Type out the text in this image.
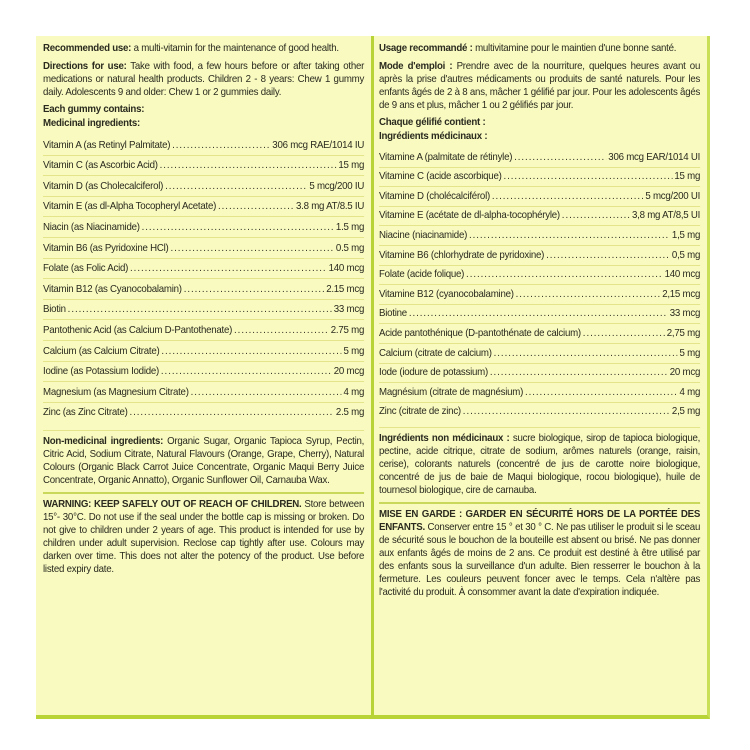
Recommended use: a multi-vitamin for the maintenance of good health.

Directions for use: Take with food, a few hours before or after taking other medications or natural health products. Children 2 - 8 years: Chew 1 gummy daily. Adolescents 9 and older: Chew 1 or 2 gummies daily.

Each gummy contains:
Medicinal ingredients:
Vitamin A (as Retinyl Palmitate) .....	306 mcg RAE/1014 IU
Vitamin C (as Ascorbic Acid) .....	15 mg
Vitamin D (as Cholecalciferol) .....	5 mcg/200 IU
Vitamin E (as dl-Alpha Tocopheryl Acetate) .....	3.8 mg AT/8.5 IU
Niacin (as Niacinamide) .....	1.5 mg
Vitamin B6 (as Pyridoxine HCl) .....	0.5 mg
Folate (as Folic Acid) .....	140 mcg
Vitamin B12 (as Cyanocobalamin) .....	2.15 mcg
Biotin .....	33 mcg
Pantothenic Acid (as Calcium D-Pantothenate) .....	2.75 mg
Calcium (as Calcium Citrate) .....	5 mg
Iodine (as Potassium Iodide) .....	20 mcg
Magnesium (as Magnesium Citrate) .....	4 mg
Zinc (as Zinc Citrate) .....	2.5 mg

Non-medicinal ingredients: Organic Sugar, Organic Tapioca Syrup, Pectin, Citric Acid, Sodium Citrate, Natural Flavours (Orange, Grape, Cherry), Natural Colours (Organic Black Carrot Juice Concentrate, Organic Maqui Berry Juice Concentrate, Organic Annatto), Organic Sunflower Oil, Carnauba Wax.

WARNING: KEEP SAFELY OUT OF REACH OF CHILDREN. Store between 15°- 30°C. Do not use if the seal under the bottle cap is missing or broken. Do not give to children under 2 years of age. This product is intended for use by children under adult supervision. Reclose cap tightly after use. Colours may darken over time. This does not alter the potency of the product. Use before listed expiry date.

Usage recommandé : multivitamine pour le maintien d'une bonne santé.

Mode d'emploi : Prendre avec de la nourriture, quelques heures avant ou après la prise d'autres médicaments ou produits de santé naturels. Pour les enfants âgés de 2 à 8 ans, mâcher 1 gélifié par jour. Pour les adolescents âgés de 9 ans et plus, mâcher 1 ou 2 gélifiés par jour.

Chaque gélifié contient :
Ingrédients médicinaux :
Vitamine A (palmitate de rétinyle) .....	306 mcg EAR/1014 UI
Vitamine C (acide ascorbique) .....	15 mg
Vitamine D (cholécalciférol) .....	5 mcg/200 UI
Vitamine E (acétate de dl-alpha-tocophéryle) .....	3,8 mg AT/8,5 UI
Niacine (niacinamide) .....	1,5 mg
Vitamine B6 (chlorhydrate de pyridoxine) .....	0,5 mg
Folate (acide folique) .....	140 mcg
Vitamine B12 (cyanocobalamine) .....	2,15 mcg
Biotine .....	33 mcg
Acide pantothénique (D-pantothénate de calcium) .....	2,75 mg
Calcium (citrate de calcium) .....	5 mg
Iode (iodure de potassium) .....	20 mcg
Magnésium (citrate de magnésium) .....	4 mg
Zinc (citrate de zinc) .....	2,5 mg

Ingrédients non médicinaux : sucre biologique, sirop de tapioca biologique, pectine, acide citrique, citrate de sodium, arômes naturels (orange, raisin, cerise), colorants naturels (concentré de jus de carotte noire biologique, concentré de jus de baie de Maqui biologique, rocou biologique), huile de tournesol biologique, cire de carnauba.

MISE EN GARDE : GARDER EN SÉCURITÉ HORS DE LA PORTÉE DES ENFANTS. Conserver entre 15 ° et 30 ° C. Ne pas utiliser le produit si le sceau de sécurité sous le bouchon de la bouteille est absent ou brisé. Ne pas donner aux enfants âgés de moins de 2 ans. Ce produit est destiné à être utilisé par des enfants sous la surveillance d'un adulte. Bien resserrer le bouchon à la fermeture. Les couleurs peuvent foncer avec le temps. Cela n'altère pas l'activité du produit. À consommer avant la date d'expiration indiquée.
